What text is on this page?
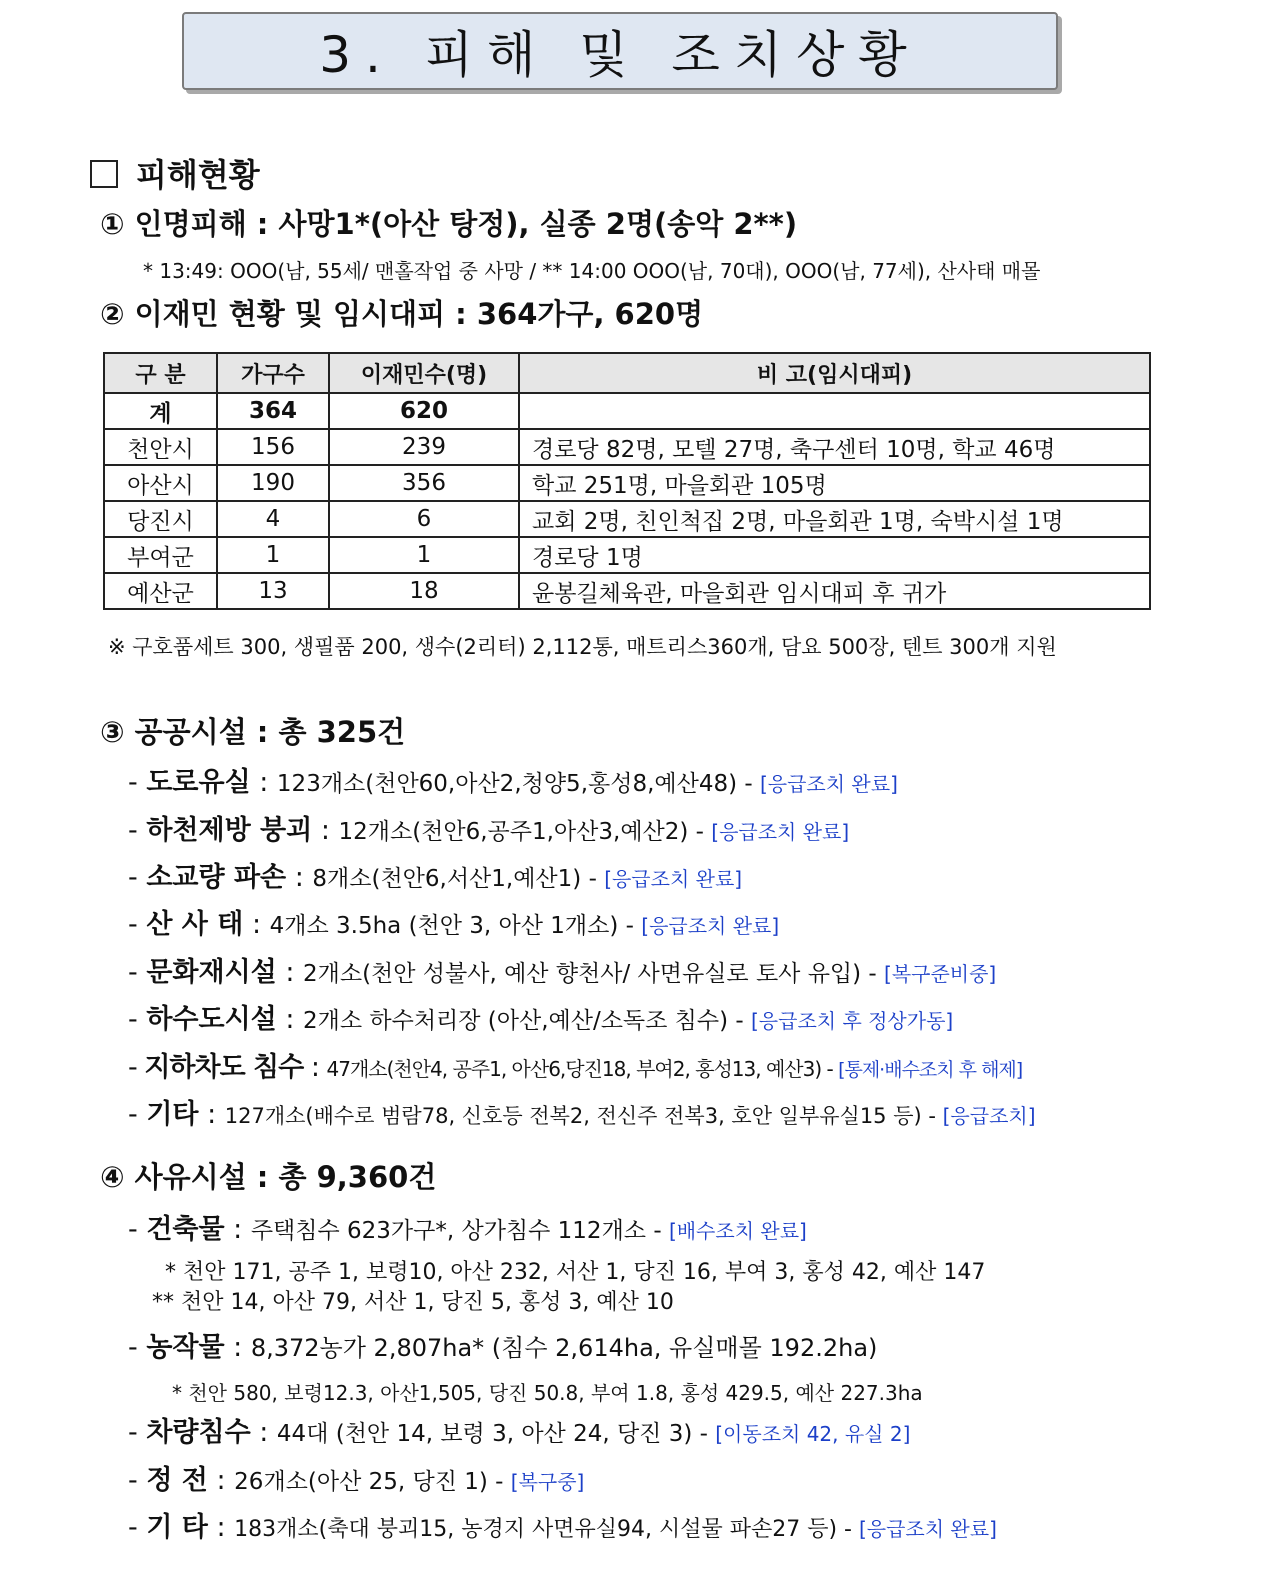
3. 피해 및 조치상황
피해현황
① 인명피해 : 사망1*(아산 탕정), 실종 2명(송악 2**)
* 13:49: OOO(남, 55세/ 맨홀작업 중 사망 / ** 14:00 OOO(남, 70대), OOO(남, 77세), 산사태 매몰
② 이재민 현황 및 임시대피 : 364가구, 620명
구 분	가구수	이재민수(명)	비 고(임시대피)
계	364	620	
천안시	156	239	경로당 82명, 모텔 27명, 축구센터 10명, 학교 46명
아산시	190	356	학교 251명, 마을회관 105명
당진시	4	6	교회 2명, 친인척집 2명, 마을회관 1명, 숙박시설 1명
부여군	1	1	경로당 1명
예산군	13	18	윤봉길체육관, 마을회관 임시대피 후 귀가
※ 구호품세트 300, 생필품 200, 생수(2리터) 2,112통, 매트리스360개, 담요 500장, 텐트 300개 지원
③ 공공시설 : 총 325건
- 도로유실 : 123개소(천안60,아산2,청양5,홍성8,예산48) - [응급조치 완료]
- 하천제방 붕괴 : 12개소(천안6,공주1,아산3,예산2) - [응급조치 완료]
- 소교량 파손 : 8개소(천안6,서산1,예산1) - [응급조치 완료]
- 산 사 태 : 4개소 3.5ha (천안 3, 아산 1개소) - [응급조치 완료]
- 문화재시설 : 2개소(천안 성불사, 예산 향천사/ 사면유실로 토사 유입) - [복구준비중]
- 하수도시설 : 2개소 하수처리장 (아산,예산/소독조 침수) - [응급조치 후 정상가동]
- 지하차도 침수 : 47개소(천안4, 공주1, 아산6,당진18, 부여2, 홍성13, 예산3) - [통제·배수조치 후 해제]
- 기타 : 127개소(배수로 범람78, 신호등 전복2, 전신주 전복3, 호안 일부유실15 등) - [응급조치]
④ 사유시설 : 총 9,360건
- 건축물 : 주택침수 623가구*, 상가침수 112개소 - [배수조치 완료]
* 천안 171, 공주 1, 보령10, 아산 232, 서산 1, 당진 16, 부여 3, 홍성 42, 예산 147
** 천안 14, 아산 79, 서산 1, 당진 5, 홍성 3, 예산 10
- 농작물 : 8,372농가 2,807ha* (침수 2,614ha, 유실매몰 192.2ha)
* 천안 580, 보령12.3, 아산1,505, 당진 50.8, 부여 1.8, 홍성 429.5, 예산 227.3ha
- 차량침수 : 44대 (천안 14, 보령 3, 아산 24, 당진 3) - [이동조치 42, 유실 2]
- 정 전 : 26개소(아산 25, 당진 1) - [복구중]
- 기 타 : 183개소(축대 붕괴15, 농경지 사면유실94, 시설물 파손27 등) - [응급조치 완료]
